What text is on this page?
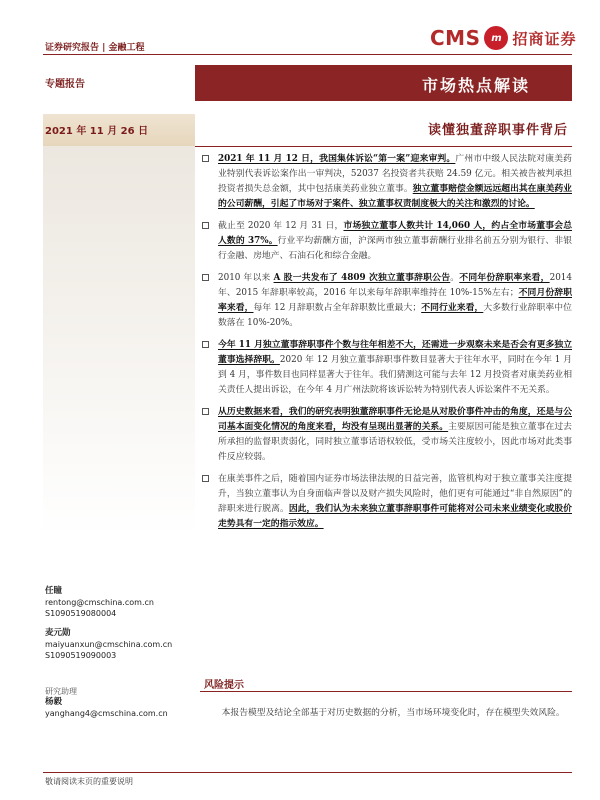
证券研究报告 | 金融工程	CMS	m 招商证券
专题报告	市场热点解读
2021 年 11 月 26 日	读懂独董辞职事件背后
2021 年 11 月 12 日，我国集体诉讼“第一案”迎来审判。广州市中级人民法院对康美药业特别代表诉讼案作出一审判决，52037 名投资者共获赔 24.59 亿元。相关被告被判承担投资者损失总金额，其中包括康美药业独立董事。独立董事赔偿金额远远超出其在康美药业的公司薪酬，引起了市场对于案件、独立董事权责制度极大的关注和激烈的讨论。
截止至 2020 年 12 月 31 日，市场独立董事人数共计 14,060 人，约占全市场董事会总人数的 37%。行业平均薪酬方面，沪深两市独立董事薪酬行业排名前五分别为银行、非银行金融、房地产、石油石化和综合金融。
2010 年以来 A 股一共发布了 4809 次独立董事辞职公告。不同年份辞职率来看，2014 年、2015 年辞职率较高，2016 年以来每年辞职率维持在 10%-15%左右；不同月份辞职率来看，每年 12 月辞职数占全年辞职数比重最大；不同行业来看，大多数行业辞职率中位数落在 10%-20%。
今年 11 月独立董事辞职事件个数与往年相差不大，还需进一步观察未来是否会有更多独立董事选择辞职。2020 年 12 月独立董事辞职事件数目显著大于往年水平，同时在今年 1 月到 4 月，事件数目也同样显著大于往年。我们猜测这可能与去年 12 月投资者对康美药业相关责任人提出诉讼，在今年 4 月广州法院将该诉讼转为特别代表人诉讼案件不无关系。
从历史数据来看，我们的研究表明独董辞职事件无论是从对股价事件冲击的角度，还是与公司基本面变化情况的角度来看，均没有呈现出显著的关系。主要原因可能是独立董事在过去所承担的监督职责弱化，同时独立董事话语权较低，受市场关注度较小，因此市场对此类事件反应较弱。
在康美事件之后，随着国内证券市场法律法规的日益完善，监管机构对于独立董事关注度提升，当独立董事认为自身面临声誉以及财产损失风险时，他们更有可能通过“非自然原因”的辞职来进行脱离。因此，我们认为未来独立董事辞职事件可能将对公司未来业绩变化或股价走势具有一定的指示效应。
任瞳
rentong@cmschina.com.cn
S1090519080004
麦元勋
maiyuanxun@cmschina.com.cn
S1090519090003
研究助理
杨毅
yanghang4@cmschina.com.cn
风险提示
本报告模型及结论全部基于对历史数据的分析，当市场环境变化时，存在模型失效风险。
敬请阅读末页的重要说明
